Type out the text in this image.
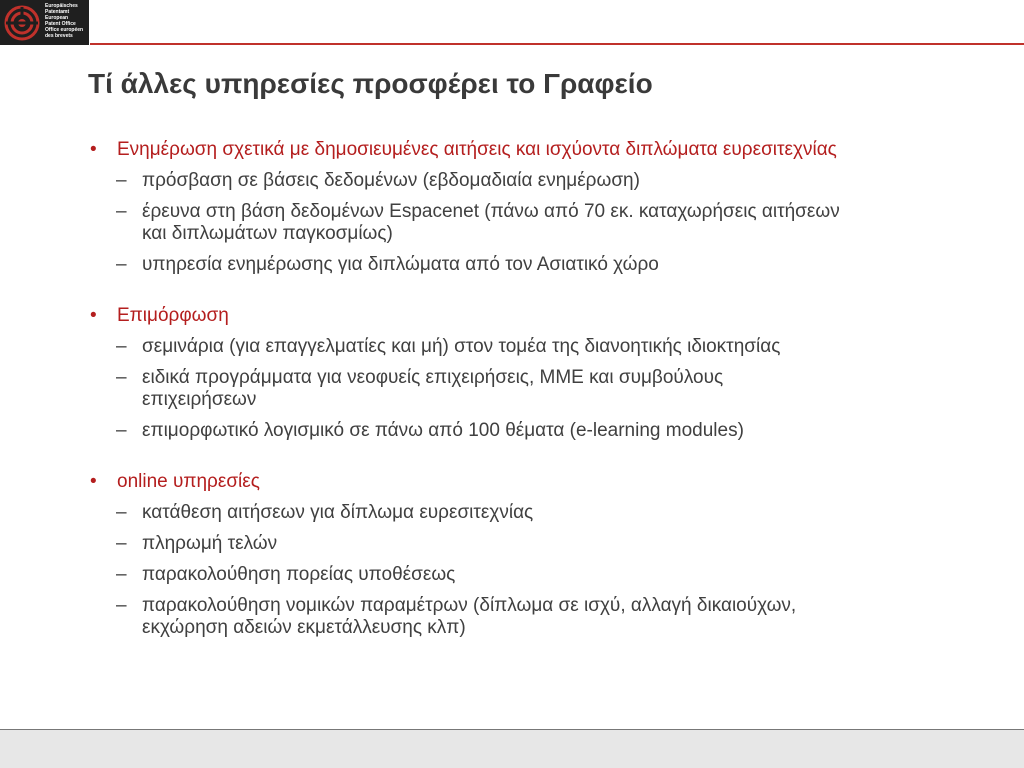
Europäisches
Patentamt
European
Patent Office
Office européen
des brevets
Tί άλλες υπηρεσίες προσφέρει το Γραφείο
• Ενημέρωση σχετικά με δημοσιευμένες αιτήσεις και ισχύοντα διπλώματα ευρεσιτεχνίας
– πρόσβαση σε βάσεις δεδομένων (εβδομαδιαία ενημέρωση)
– έρευνα στη βάση δεδομένων Espacenet (πάνω από 70 εκ. καταχωρήσεις αιτήσεων
και διπλωμάτων παγκοσμίως)
– υπηρεσία ενημέρωσης για διπλώματα από τον Ασιατικό χώρο
• Επιμόρφωση
– σεμινάρια (για επαγγελματίες και μή) στον τομέα της διανοητικής ιδιοκτησίας
– ειδικά προγράμματα για νεοφυείς επιχειρήσεις, ΜΜΕ και συμβούλους
επιχειρήσεων
– επιμορφωτικό λογισμικό σε πάνω από 100 θέματα (e-learning modules)
• online υπηρεσίες
– κατάθεση αιτήσεων για δίπλωμα ευρεσιτεχνίας
– πληρωμή τελών
– παρακολούθηση πορείας υποθέσεως
– παρακολούθηση νομικών παραμέτρων (δίπλωμα σε ισχύ, αλλαγή δικαιούχων,
εκχώρηση αδειών εκμετάλλευσης κλπ)
